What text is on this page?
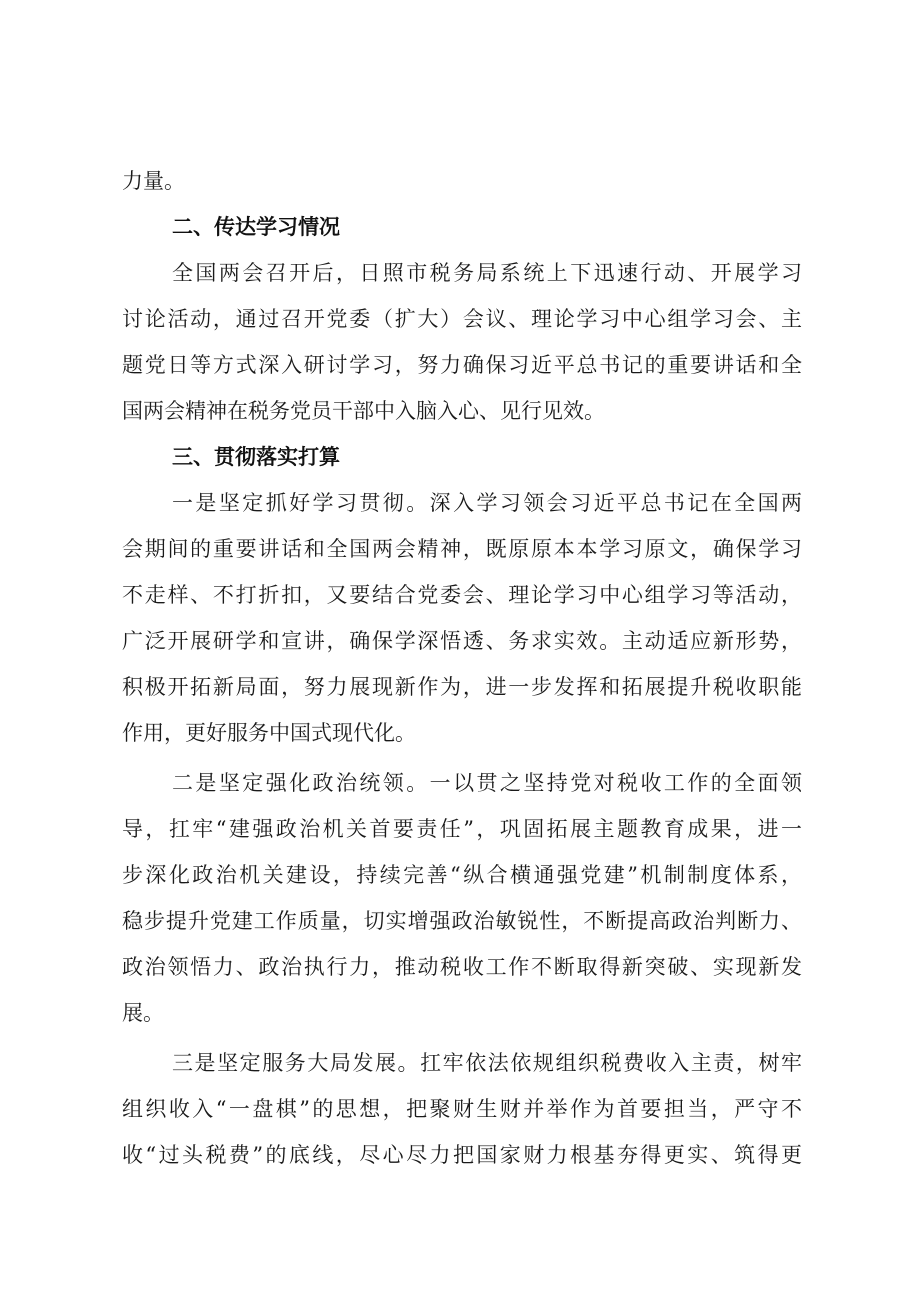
力量。
二、传达学习情况
全国两会召开后，日照市税务局系统上下迅速行动、开展学习
讨论活动，通过召开党委（扩大）会议、理论学习中心组学习会、主
题党日等方式深入研讨学习，努力确保习近平总书记的重要讲话和全
国两会精神在税务党员干部中入脑入心、见行见效。
三、贯彻落实打算
一是坚定抓好学习贯彻。深入学习领会习近平总书记在全国两
会期间的重要讲话和全国两会精神，既原原本本学习原文，确保学习
不走样、不打折扣，又要结合党委会、理论学习中心组学习等活动，
广泛开展研学和宣讲，确保学深悟透、务求实效。主动适应新形势，
积极开拓新局面，努力展现新作为，进一步发挥和拓展提升税收职能
作用，更好服务中国式现代化。
二是坚定强化政治统领。一以贯之坚持党对税收工作的全面领
导，扛牢“建强政治机关首要责任”，巩固拓展主题教育成果，进一
步深化政治机关建设，持续完善“纵合横通强党建”机制制度体系，
稳步提升党建工作质量，切实增强政治敏锐性，不断提高政治判断力、
政治领悟力、政治执行力，推动税收工作不断取得新突破、实现新发
展。
三是坚定服务大局发展。扛牢依法依规组织税费收入主责，树牢
组织收入“一盘棋”的思想，把聚财生财并举作为首要担当，严守不
收“过头税费”的底线，尽心尽力把国家财力根基夯得更实、筑得更
